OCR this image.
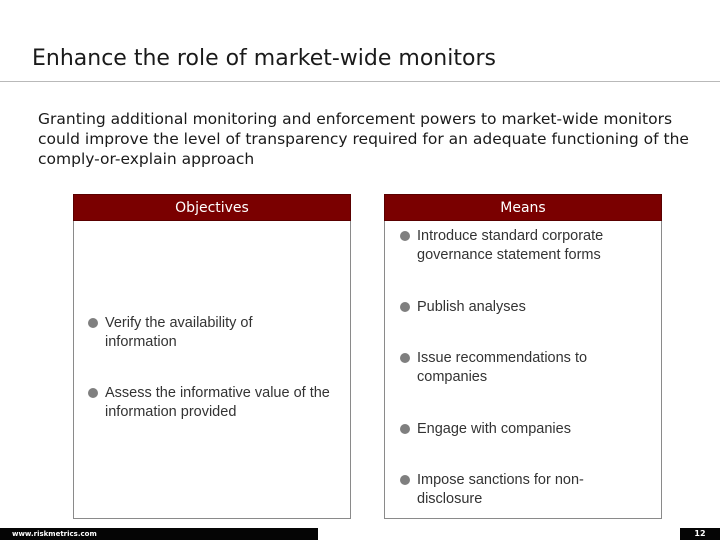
Enhance the role of market-wide monitors
Granting additional monitoring and enforcement powers to market-wide monitors could improve the level of transparency required for an adequate functioning of the comply-or-explain approach
Objectives
Verify the availability of information
Assess the informative value of the information provided
Means
Introduce standard corporate governance statement forms
Publish analyses
Issue recommendations to companies
Engage with companies
Impose sanctions for non-disclosure
www.riskmetrics.com	12
